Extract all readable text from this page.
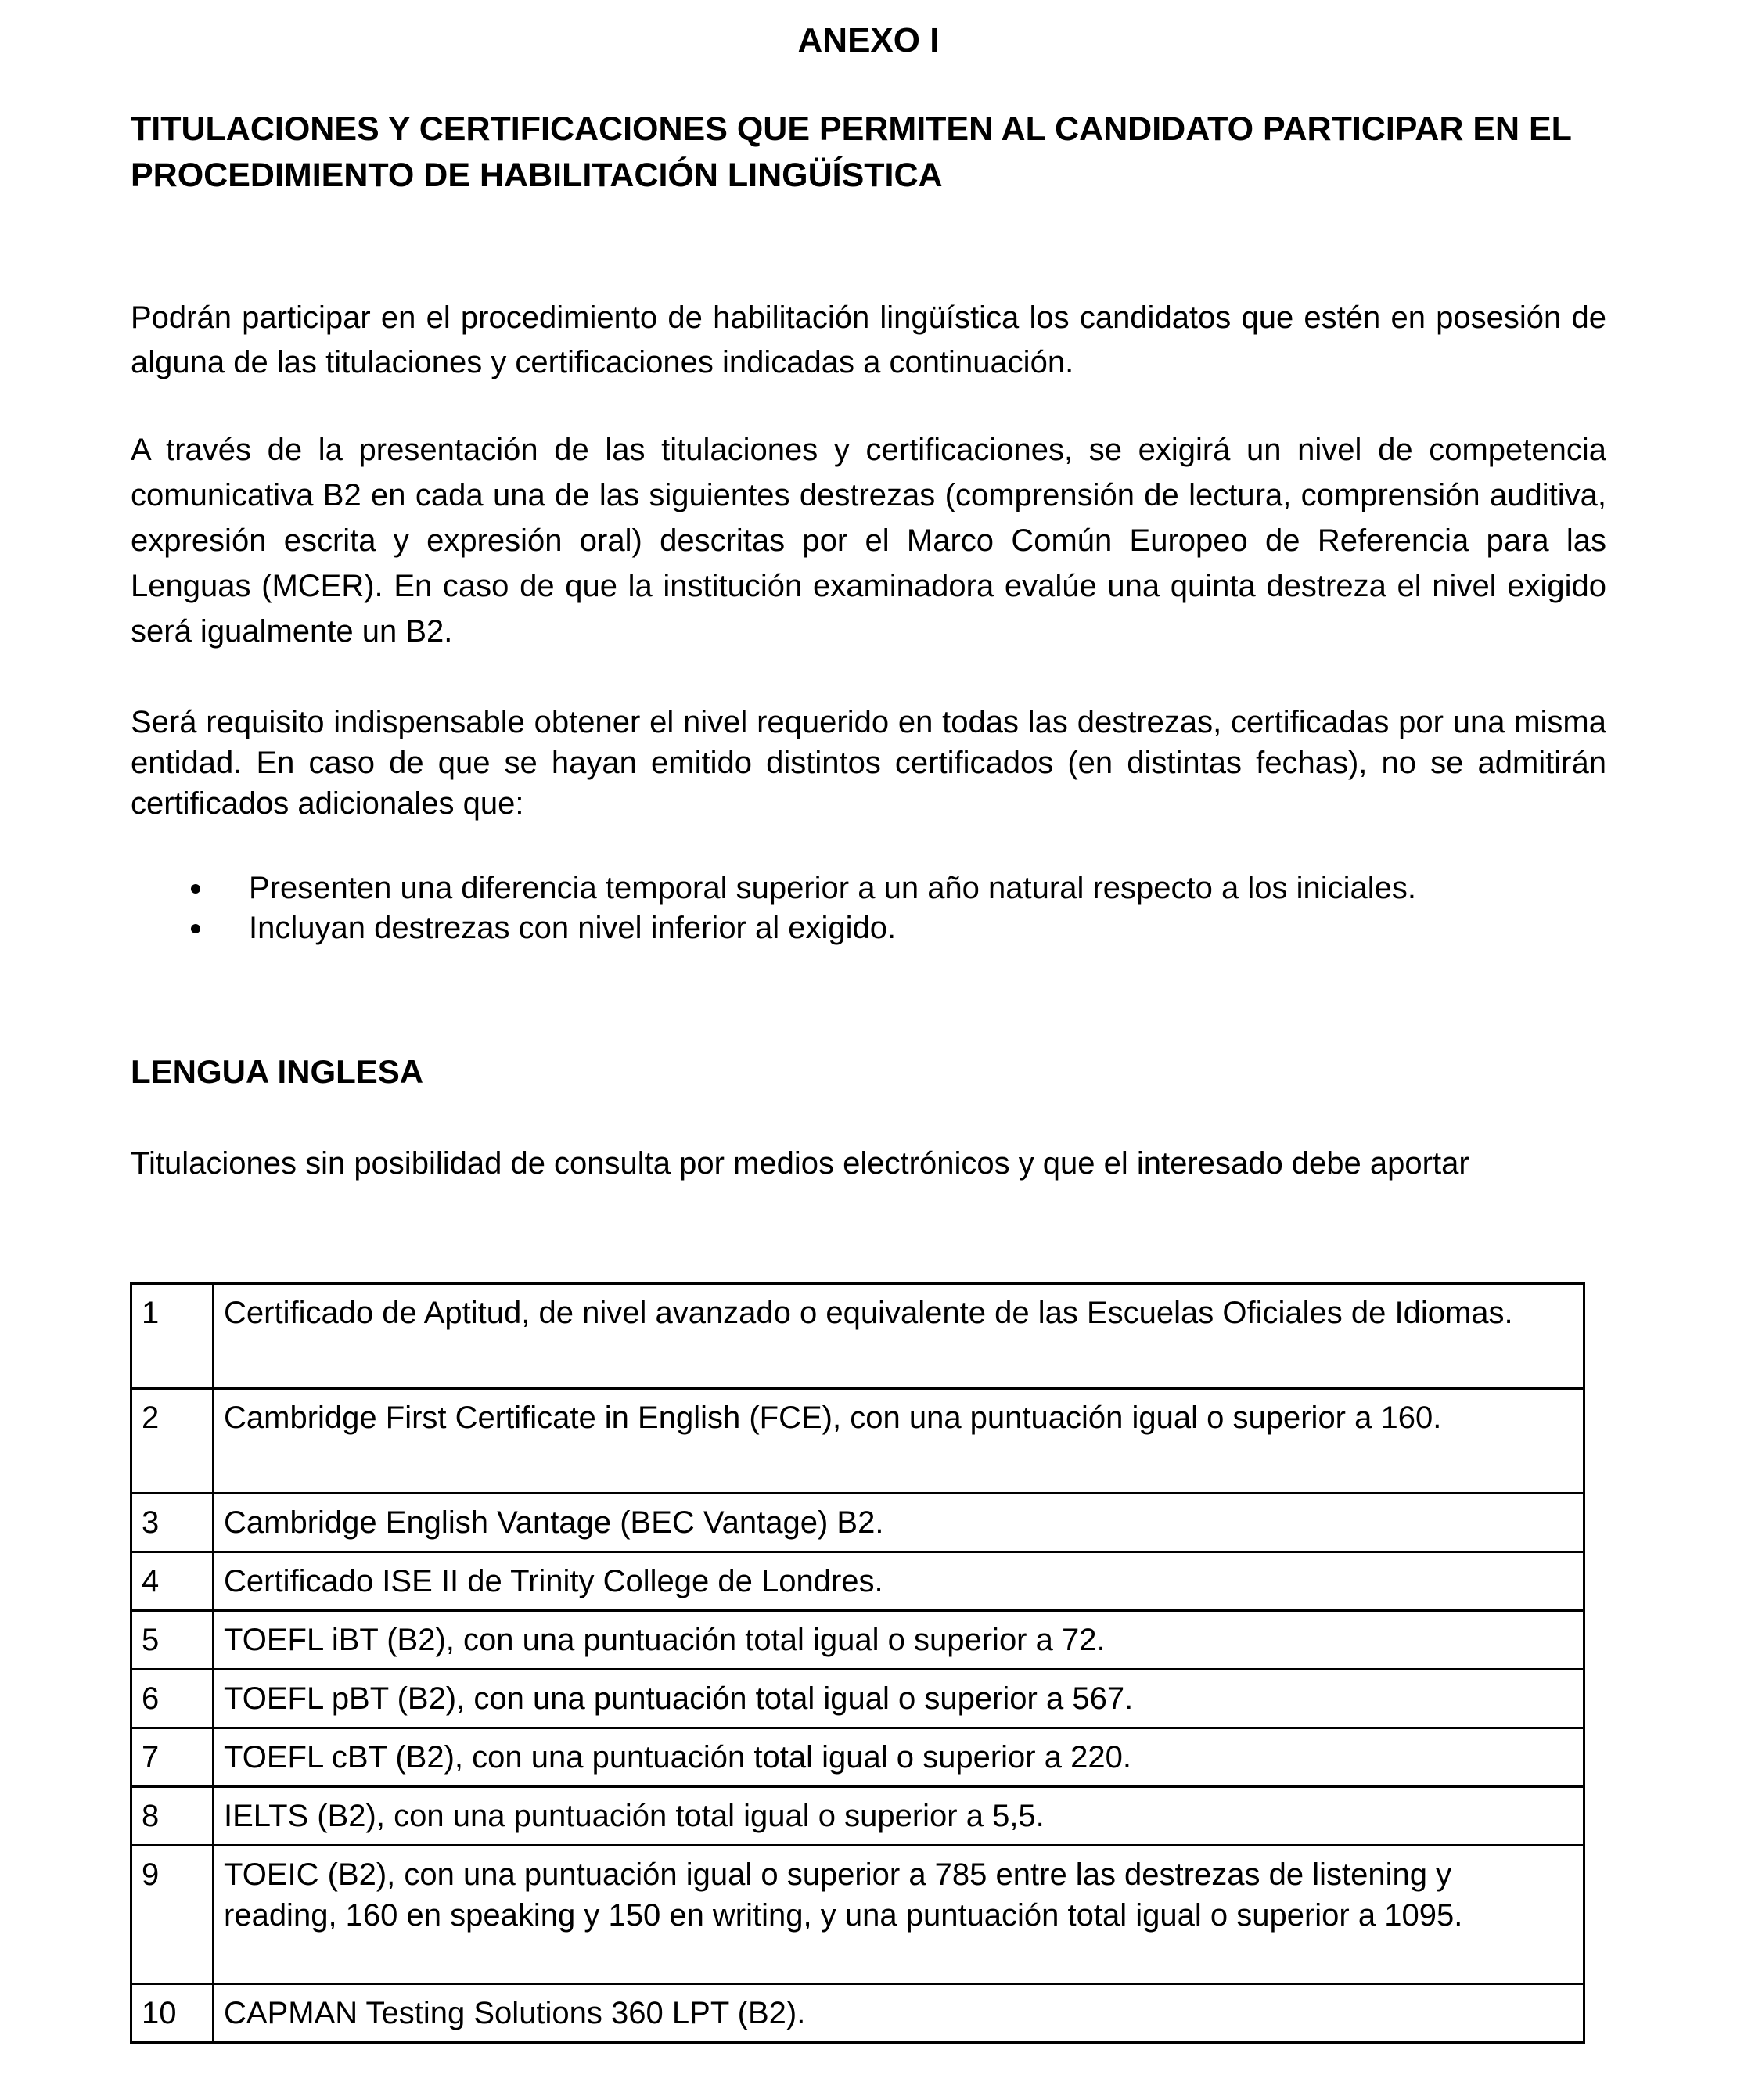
ANEXO I
TITULACIONES Y CERTIFICACIONES QUE PERMITEN AL CANDIDATO PARTICIPAR EN EL PROCEDIMIENTO DE HABILITACIÓN LINGÜÍSTICA

Podrán participar en el procedimiento de habilitación lingüística los candidatos que estén en posesión de alguna de las titulaciones y certificaciones indicadas a continuación.

A través de la presentación de las titulaciones y certificaciones, se exigirá un nivel de competencia comunicativa B2 en cada una de las siguientes destrezas (comprensión de lectura, comprensión auditiva, expresión escrita y expresión oral) descritas por el Marco Común Europeo de Referencia para las Lenguas (MCER). En caso de que la institución examinadora evalúe una quinta destreza el nivel exigido será igualmente un B2.

Será requisito indispensable obtener el nivel requerido en todas las destrezas, certificadas por una misma entidad. En caso de que se hayan emitido distintos certificados (en distintas fechas), no se admitirán certificados adicionales que:

Presenten una diferencia temporal superior a un año natural respecto a los iniciales.
Incluyan destrezas con nivel inferior al exigido.
LENGUA INGLESA

Titulaciones sin posibilidad de consulta por medios electrónicos y que el interesado debe aportar

1	Certificado de Aptitud, de nivel avanzado o equivalente de las Escuelas Oficiales de Idiomas.
2	Cambridge First Certificate in English (FCE), con una puntuación igual o superior a 160.
3	Cambridge English Vantage (BEC Vantage) B2.
4	Certificado ISE II de Trinity College de Londres.
5	TOEFL iBT (B2), con una puntuación total igual o superior a 72.
6	TOEFL pBT (B2), con una puntuación total igual o superior a 567.
7	TOEFL cBT (B2), con una puntuación total igual o superior a 220.
8	IELTS (B2), con una puntuación total igual o superior a 5,5.
9	TOEIC (B2), con una puntuación igual o superior a 785 entre las destrezas de listening y reading, 160 en speaking y 150 en writing, y una puntuación total igual o superior a 1095.
10	CAPMAN Testing Solutions 360 LPT (B2).
